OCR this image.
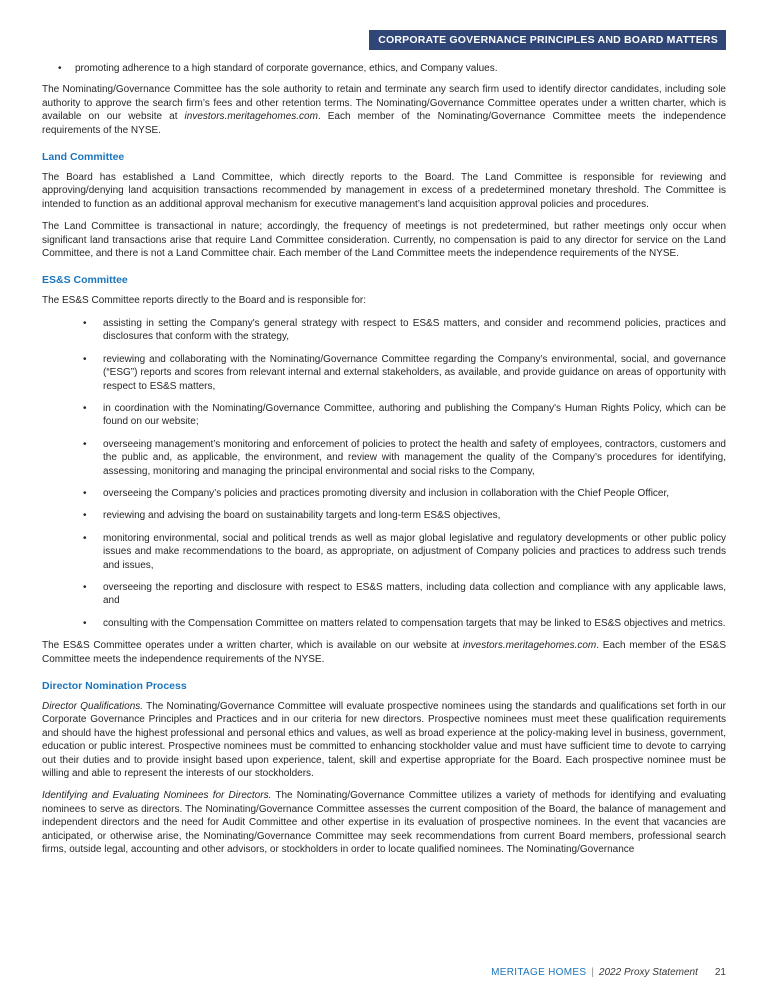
CORPORATE GOVERNANCE PRINCIPLES AND BOARD MATTERS
• promoting adherence to a high standard of corporate governance, ethics, and Company values.

The Nominating/Governance Committee has the sole authority to retain and terminate any search firm used to identify director candidates, including sole authority to approve the search firm’s fees and other retention terms. The Nominating/Governance Committee operates under a written charter, which is available on our website at investors.meritagehomes.com. Each member of the Nominating/Governance Committee meets the independence requirements of the NYSE.

Land Committee

The Board has established a Land Committee, which directly reports to the Board. The Land Committee is responsible for reviewing and approving/denying land acquisition transactions recommended by management in excess of a predetermined monetary threshold. The Committee is intended to function as an additional approval mechanism for executive management’s land acquisition approval policies and procedures.

The Land Committee is transactional in nature; accordingly, the frequency of meetings is not predetermined, but rather meetings only occur when significant land transactions arise that require Land Committee consideration. Currently, no compensation is paid to any director for service on the Land Committee, and there is not a Land Committee chair. Each member of the Land Committee meets the independence requirements of the NYSE.

ES&S Committee

The ES&S Committee reports directly to the Board and is responsible for:

• assisting in setting the Company's general strategy with respect to ES&S matters, and consider and recommend policies, practices and disclosures that conform with the strategy,
• reviewing and collaborating with the Nominating/Governance Committee regarding the Company’s environmental, social, and governance (“ESG”) reports and scores from relevant internal and external stakeholders, as available, and provide guidance on areas of opportunity with respect to ES&S matters,
• in coordination with the Nominating/Governance Committee, authoring and publishing the Company's Human Rights Policy, which can be found on our website;
• overseeing management’s monitoring and enforcement of policies to protect the health and safety of employees, contractors, customers and the public and, as applicable, the environment, and review with management the quality of the Company’s procedures for identifying, assessing, monitoring and managing the principal environmental and social risks to the Company,
• overseeing the Company’s policies and practices promoting diversity and inclusion in collaboration with the Chief People Officer,
• reviewing and advising the board on sustainability targets and long-term ES&S objectives,
• monitoring environmental, social and political trends as well as major global legislative and regulatory developments or other public policy issues and make recommendations to the board, as appropriate, on adjustment of Company policies and practices to address such trends and issues,
• overseeing the reporting and disclosure with respect to ES&S matters, including data collection and compliance with any applicable laws, and
• consulting with the Compensation Committee on matters related to compensation targets that may be linked to ES&S objectives and metrics.

The ES&S Committee operates under a written charter, which is available on our website at investors.meritagehomes.com. Each member of the ES&S Committee meets the independence requirements of the NYSE.

Director Nomination Process

Director Qualifications. The Nominating/Governance Committee will evaluate prospective nominees using the standards and qualifications set forth in our Corporate Governance Principles and Practices and in our criteria for new directors. Prospective nominees must meet these qualification requirements and should have the highest professional and personal ethics and values, as well as broad experience at the policy-making level in business, government, education or public interest. Prospective nominees must be committed to enhancing stockholder value and must have sufficient time to devote to carrying out their duties and to provide insight based upon experience, talent, skill and expertise appropriate for the Board. Each prospective nominee must be willing and able to represent the interests of our stockholders.

Identifying and Evaluating Nominees for Directors. The Nominating/Governance Committee utilizes a variety of methods for identifying and evaluating nominees to serve as directors. The Nominating/Governance Committee assesses the current composition of the Board, the balance of management and independent directors and the need for Audit Committee and other expertise in its evaluation of prospective nominees. In the event that vacancies are anticipated, or otherwise arise, the Nominating/Governance Committee may seek recommendations from current Board members, professional search firms, outside legal, accounting and other advisors, or stockholders in order to locate qualified nominees. The Nominating/Governance

MERITAGE HOMES | 2022 Proxy Statement 21
